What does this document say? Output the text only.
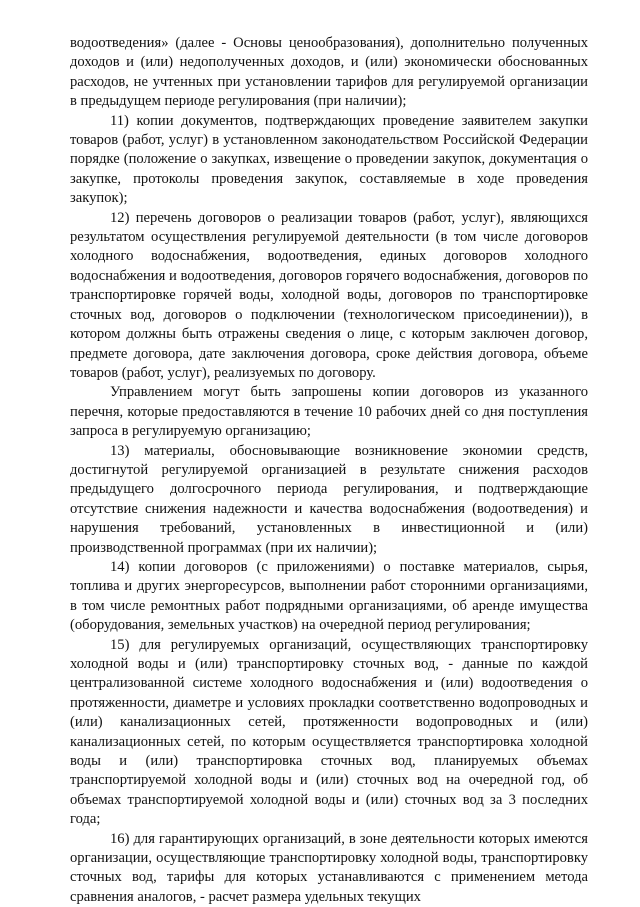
водоотведения» (далее - Основы ценообразования), дополнительно полученных доходов и (или) недополученных доходов, и (или) экономически обоснованных расходов, не учтенных при установлении тарифов для регулируемой организации в предыдущем периоде регулирования (при наличии);

11) копии документов, подтверждающих проведение заявителем закупки товаров (работ, услуг) в установленном законодательством Российской Федерации порядке (положение о закупках, извещение о проведении закупок, документация о закупке, протоколы проведения закупок, составляемые в ходе проведения закупок);

12) перечень договоров о реализации товаров (работ, услуг), являющихся результатом осуществления регулируемой деятельности (в том числе договоров холодного водоснабжения, водоотведения, единых договоров холодного водоснабжения и водоотведения, договоров горячего водоснабжения, договоров по транспортировке горячей воды, холодной воды, договоров по транспортировке сточных вод, договоров о подключении (технологическом присоединении)), в котором должны быть отражены сведения о лице, с которым заключен договор, предмете договора, дате заключения договора, сроке действия договора, объеме товаров (работ, услуг), реализуемых по договору.

Управлением могут быть запрошены копии договоров из указанного перечня, которые предоставляются в течение 10 рабочих дней со дня поступления запроса в регулируемую организацию;

13) материалы, обосновывающие возникновение экономии средств, достигнутой регулируемой организацией в результате снижения расходов предыдущего долгосрочного периода регулирования, и подтверждающие отсутствие снижения надежности и качества водоснабжения (водоотведения) и нарушения требований, установленных в инвестиционной и (или) производственной программах (при их наличии);

14) копии договоров (с приложениями) о поставке материалов, сырья, топлива и других энергоресурсов, выполнении работ сторонними организациями, в том числе ремонтных работ подрядными организациями, об аренде имущества (оборудования, земельных участков) на очередной период регулирования;

15) для регулируемых организаций, осуществляющих транспортировку холодной воды и (или) транспортировку сточных вод, - данные по каждой централизованной системе холодного водоснабжения и (или) водоотведения о протяженности, диаметре и условиях прокладки соответственно водопроводных и (или) канализационных сетей, протяженности водопроводных и (или) канализационных сетей, по которым осуществляется транспортировка холодной воды и (или) транспортировка сточных вод, планируемых объемах транспортируемой холодной воды и (или) сточных вод на очередной год, об объемах транспортируемой холодной воды и (или) сточных вод за 3 последних года;

16) для гарантирующих организаций, в зоне деятельности которых имеются организации, осуществляющие транспортировку холодной воды, транспортировку сточных вод, тарифы для которых устанавливаются с применением метода сравнения аналогов, - расчет размера удельных текущих
